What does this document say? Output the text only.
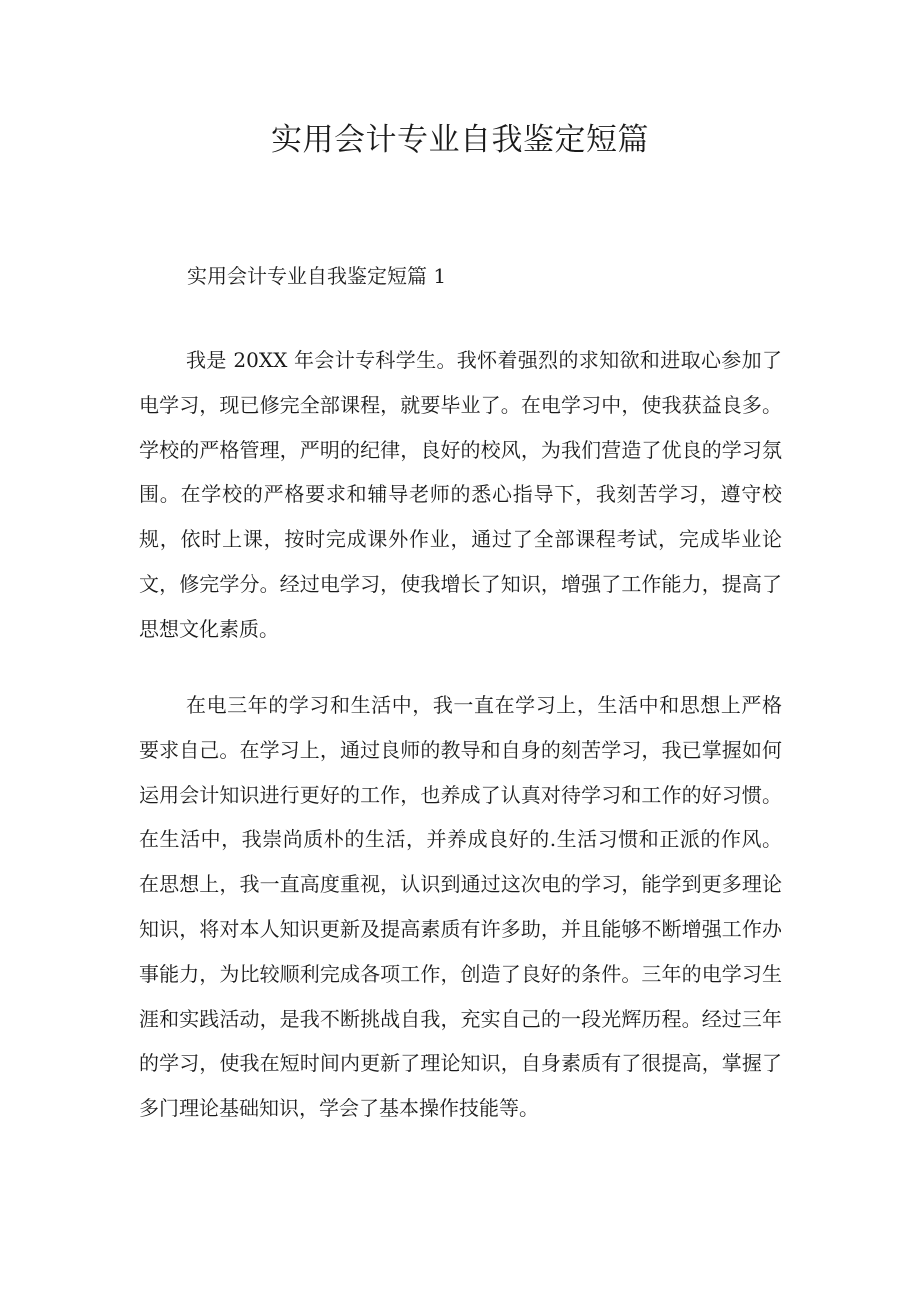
实用会计专业自我鉴定短篇
实用会计专业自我鉴定短篇 1

我是 20XX 年会计专科学生。我怀着强烈的求知欲和进取心参加了电学习，现已修完全部课程，就要毕业了。在电学习中，使我获益良多。学校的严格管理，严明的纪律，良好的校风，为我们营造了优良的学习氛围。在学校的严格要求和辅导老师的悉心指导下，我刻苦学习，遵守校规，依时上课，按时完成课外作业，通过了全部课程考试，完成毕业论文，修完学分。经过电学习，使我增长了知识，增强了工作能力，提高了思想文化素质。

在电三年的学习和生活中，我一直在学习上，生活中和思想上严格要求自己。在学习上，通过良师的教导和自身的刻苦学习，我已掌握如何运用会计知识进行更好的工作，也养成了认真对待学习和工作的好习惯。在生活中，我崇尚质朴的生活，并养成良好的.生活习惯和正派的作风。在思想上，我一直高度重视，认识到通过这次电的学习，能学到更多理论知识，将对本人知识更新及提高素质有许多助，并且能够不断增强工作办事能力，为比较顺利完成各项工作，创造了良好的条件。三年的电学习生涯和实践活动，是我不断挑战自我，充实自己的一段光辉历程。经过三年的学习，使我在短时间内更新了理论知识，自身素质有了很提高，掌握了多门理论基础知识，学会了基本操作技能等。
